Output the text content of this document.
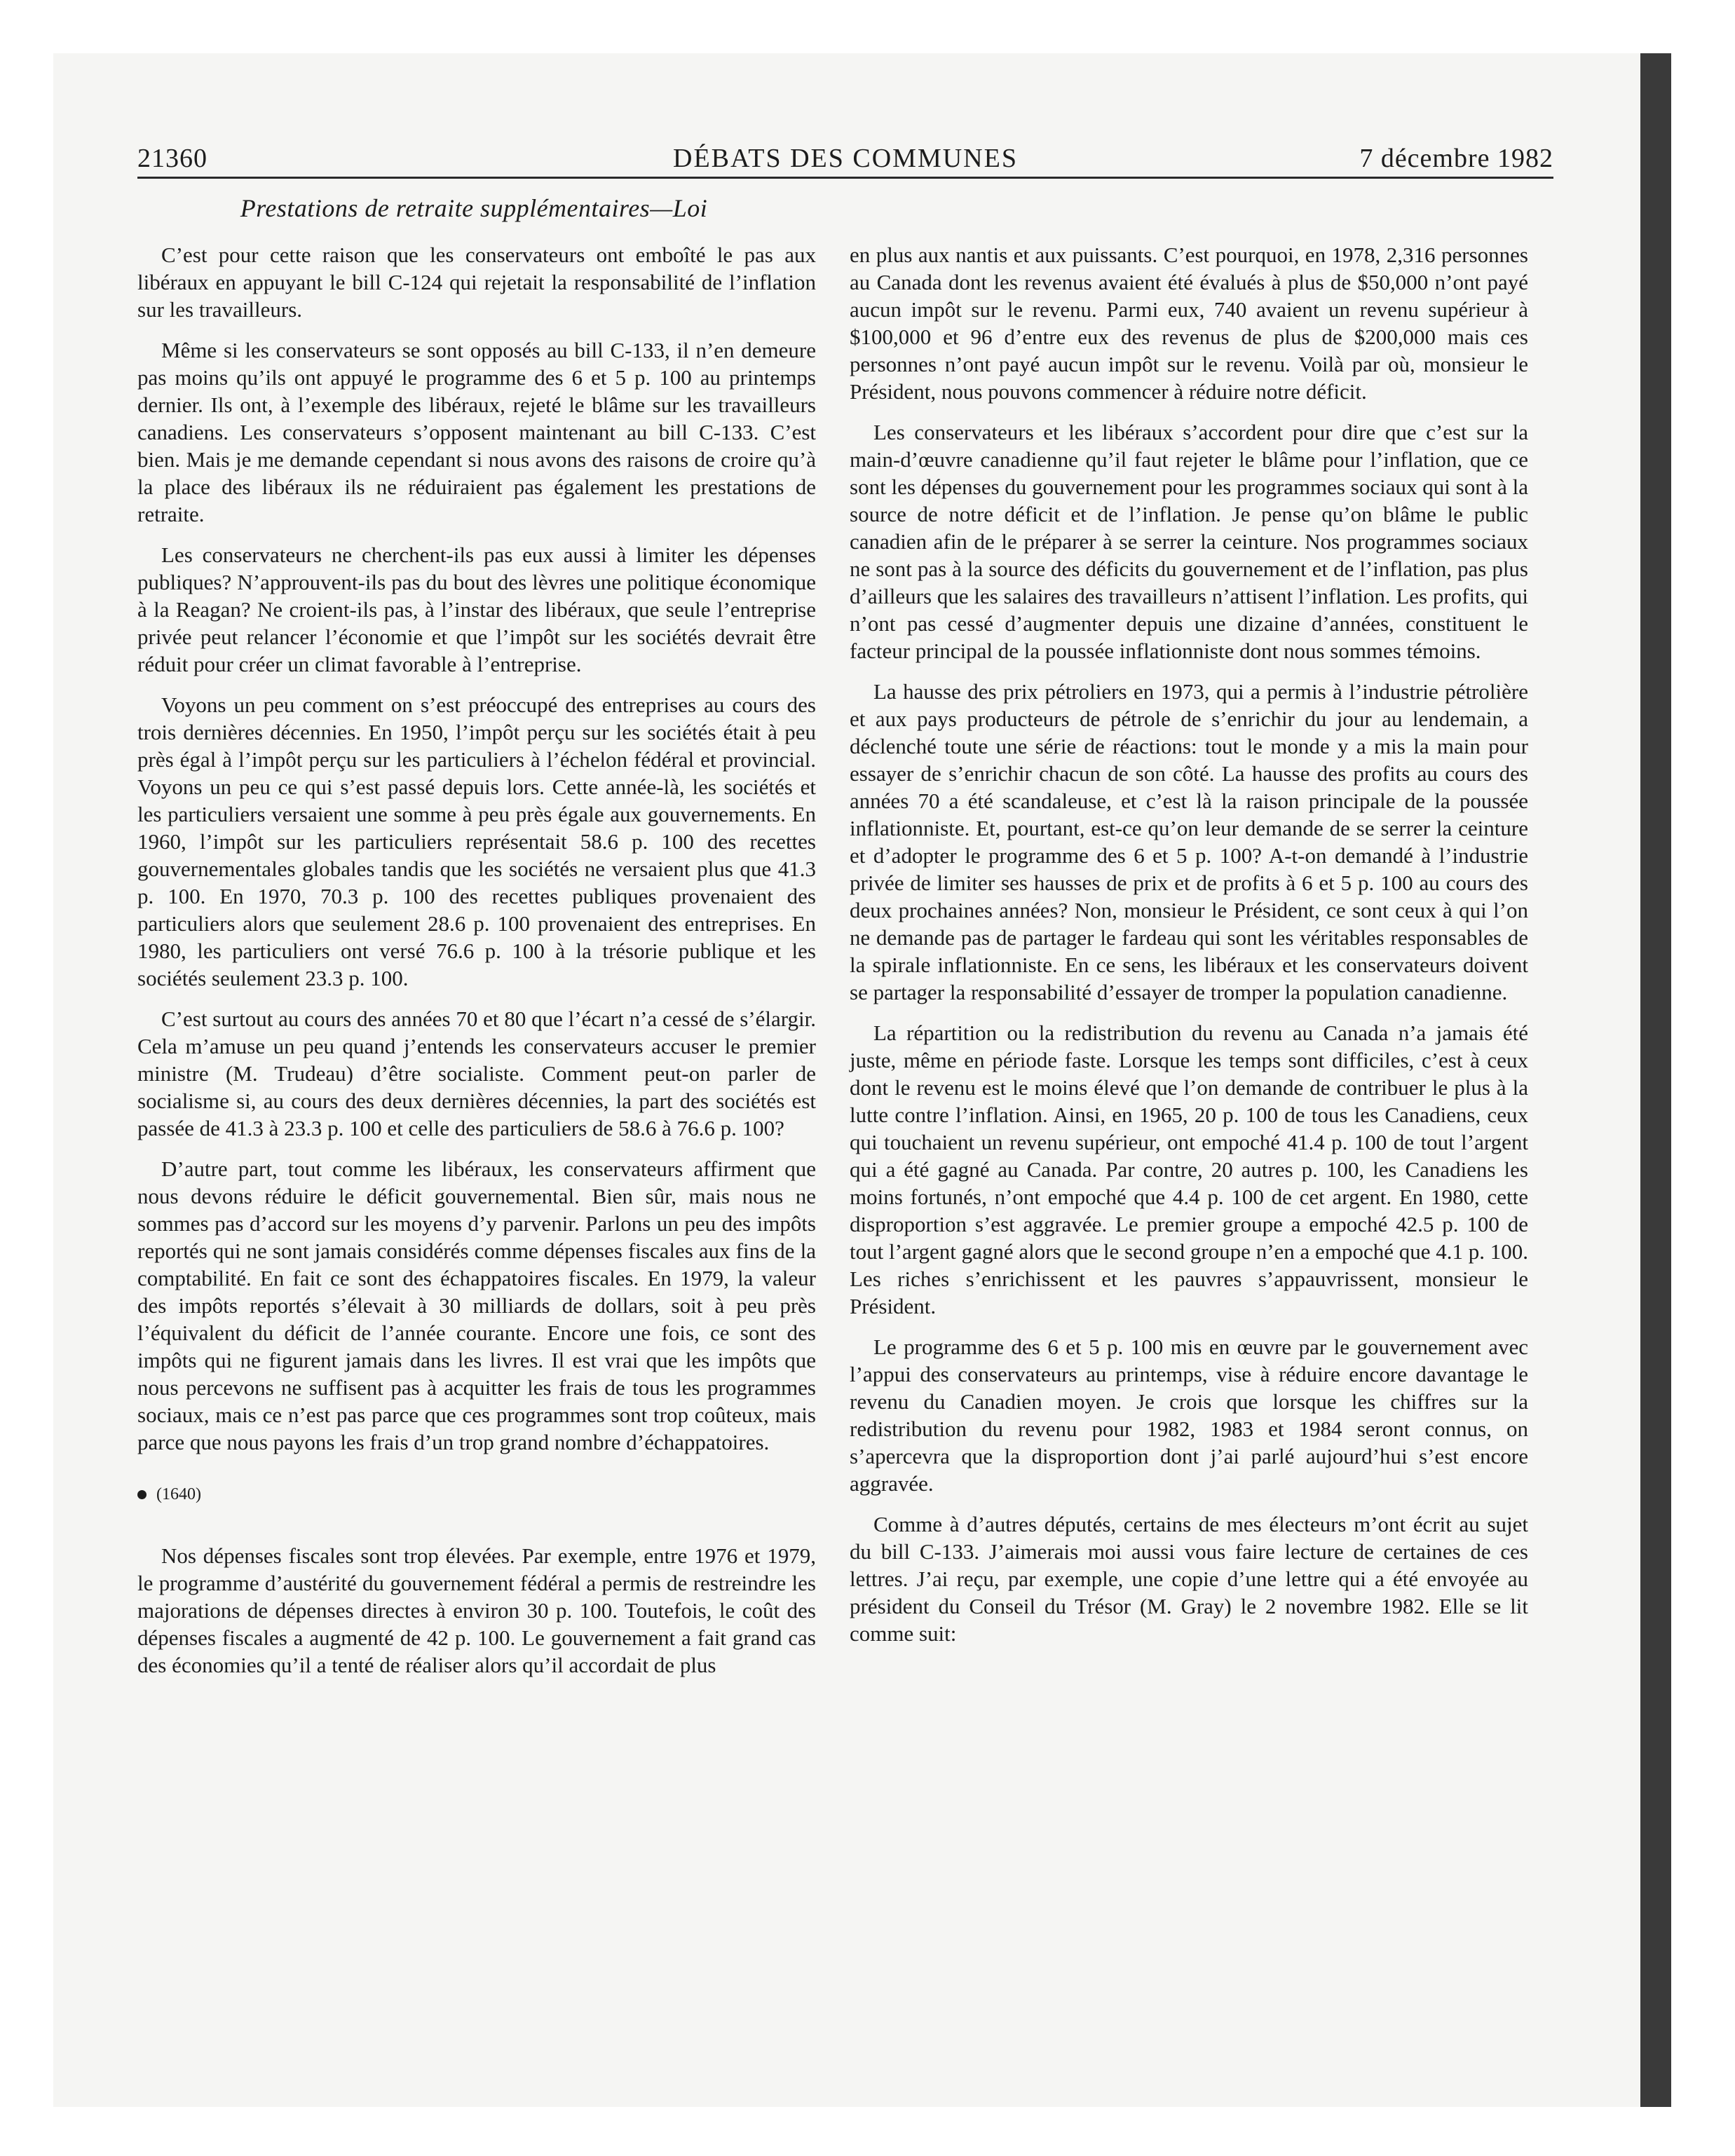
21360	DÉBATS DES COMMUNES	7 décembre 1982
Prestations de retraite supplémentaires—Loi

C’est pour cette raison que les conservateurs ont emboîté le pas aux libéraux en appuyant le bill C-124 qui rejetait la responsabilité de l’inflation sur les travailleurs.

Même si les conservateurs se sont opposés au bill C-133, il n’en demeure pas moins qu’ils ont appuyé le programme des 6 et 5 p. 100 au printemps dernier. Ils ont, à l’exemple des libéraux, rejeté le blâme sur les travailleurs canadiens. Les conservateurs s’opposent maintenant au bill C-133. C’est bien. Mais je me demande cependant si nous avons des raisons de croire qu’à la place des libéraux ils ne réduiraient pas également les prestations de retraite.

Les conservateurs ne cherchent-ils pas eux aussi à limiter les dépenses publiques? N’approuvent-ils pas du bout des lèvres une politique économique à la Reagan? Ne croient-ils pas, à l’instar des libéraux, que seule l’entreprise privée peut relancer l’économie et que l’impôt sur les sociétés devrait être réduit pour créer un climat favorable à l’entreprise.

Voyons un peu comment on s’est préoccupé des entreprises au cours des trois dernières décennies. En 1950, l’impôt perçu sur les sociétés était à peu près égal à l’impôt perçu sur les particuliers à l’échelon fédéral et provincial. Voyons un peu ce qui s’est passé depuis lors. Cette année-là, les sociétés et les particuliers versaient une somme à peu près égale aux gouvernements. En 1960, l’impôt sur les particuliers représentait 58.6 p. 100 des recettes gouvernementales globales tandis que les sociétés ne versaient plus que 41.3 p. 100. En 1970, 70.3 p. 100 des recettes publiques provenaient des particuliers alors que seulement 28.6 p. 100 provenaient des entreprises. En 1980, les particuliers ont versé 76.6 p. 100 à la trésorie publique et les sociétés seulement 23.3 p. 100.

C’est surtout au cours des années 70 et 80 que l’écart n’a cessé de s’élargir. Cela m’amuse un peu quand j’entends les conservateurs accuser le premier ministre (M. Trudeau) d’être socialiste. Comment peut-on parler de socialisme si, au cours des deux dernières décennies, la part des sociétés est passée de 41.3 à 23.3 p. 100 et celle des particuliers de 58.6 à 76.6 p. 100?

D’autre part, tout comme les libéraux, les conservateurs affirment que nous devons réduire le déficit gouvernemental. Bien sûr, mais nous ne sommes pas d’accord sur les moyens d’y parvenir. Parlons un peu des impôts reportés qui ne sont jamais considérés comme dépenses fiscales aux fins de la comptabilité. En fait ce sont des échappatoires fiscales. En 1979, la valeur des impôts reportés s’élevait à 30 milliards de dollars, soit à peu près l’équivalent du déficit de l’année courante. Encore une fois, ce sont des impôts qui ne figurent jamais dans les livres. Il est vrai que les impôts que nous percevons ne suffisent pas à acquitter les frais de tous les programmes sociaux, mais ce n’est pas parce que ces programmes sont trop coûteux, mais parce que nous payons les frais d’un trop grand nombre d’échappatoires.

(1640)

Nos dépenses fiscales sont trop élevées. Par exemple, entre 1976 et 1979, le programme d’austérité du gouvernement fédéral a permis de restreindre les majorations de dépenses directes à environ 30 p. 100. Toutefois, le coût des dépenses fiscales a augmenté de 42 p. 100. Le gouvernement a fait grand cas des économies qu’il a tenté de réaliser alors qu’il accordait de plus

en plus aux nantis et aux puissants. C’est pourquoi, en 1978, 2,316 personnes au Canada dont les revenus avaient été évalués à plus de $50,000 n’ont payé aucun impôt sur le revenu. Parmi eux, 740 avaient un revenu supérieur à $100,000 et 96 d’entre eux des revenus de plus de $200,000 mais ces personnes n’ont payé aucun impôt sur le revenu. Voilà par où, monsieur le Président, nous pouvons commencer à réduire notre déficit.

Les conservateurs et les libéraux s’accordent pour dire que c’est sur la main-d’œuvre canadienne qu’il faut rejeter le blâme pour l’inflation, que ce sont les dépenses du gouvernement pour les programmes sociaux qui sont à la source de notre déficit et de l’inflation. Je pense qu’on blâme le public canadien afin de le préparer à se serrer la ceinture. Nos programmes sociaux ne sont pas à la source des déficits du gouvernement et de l’inflation, pas plus d’ailleurs que les salaires des travailleurs n’attisent l’inflation. Les profits, qui n’ont pas cessé d’augmenter depuis une dizaine d’années, constituent le facteur principal de la poussée inflationniste dont nous sommes témoins.

La hausse des prix pétroliers en 1973, qui a permis à l’industrie pétrolière et aux pays producteurs de pétrole de s’enrichir du jour au lendemain, a déclenché toute une série de réactions: tout le monde y a mis la main pour essayer de s’enrichir chacun de son côté. La hausse des profits au cours des années 70 a été scandaleuse, et c’est là la raison principale de la poussée inflationniste. Et, pourtant, est-ce qu’on leur demande de se serrer la ceinture et d’adopter le programme des 6 et 5 p. 100? A-t-on demandé à l’industrie privée de limiter ses hausses de prix et de profits à 6 et 5 p. 100 au cours des deux prochaines années? Non, monsieur le Président, ce sont ceux à qui l’on ne demande pas de partager le fardeau qui sont les véritables responsables de la spirale inflationniste. En ce sens, les libéraux et les conservateurs doivent se partager la responsabilité d’essayer de tromper la population canadienne.

La répartition ou la redistribution du revenu au Canada n’a jamais été juste, même en période faste. Lorsque les temps sont difficiles, c’est à ceux dont le revenu est le moins élevé que l’on demande de contribuer le plus à la lutte contre l’inflation. Ainsi, en 1965, 20 p. 100 de tous les Canadiens, ceux qui touchaient un revenu supérieur, ont empoché 41.4 p. 100 de tout l’argent qui a été gagné au Canada. Par contre, 20 autres p. 100, les Canadiens les moins fortunés, n’ont empoché que 4.4 p. 100 de cet argent. En 1980, cette disproportion s’est aggravée. Le premier groupe a empoché 42.5 p. 100 de tout l’argent gagné alors que le second groupe n’en a empoché que 4.1 p. 100. Les riches s’enrichissent et les pauvres s’appauvrissent, monsieur le Président.

Le programme des 6 et 5 p. 100 mis en œuvre par le gouvernement avec l’appui des conservateurs au printemps, vise à réduire encore davantage le revenu du Canadien moyen. Je crois que lorsque les chiffres sur la redistribution du revenu pour 1982, 1983 et 1984 seront connus, on s’apercevra que la disproportion dont j’ai parlé aujourd’hui s’est encore aggravée.

Comme à d’autres députés, certains de mes électeurs m’ont écrit au sujet du bill C-133. J’aimerais moi aussi vous faire lecture de certaines de ces lettres. J’ai reçu, par exemple, une copie d’une lettre qui a été envoyée au président du Conseil du Trésor (M. Gray) le 2 novembre 1982. Elle se lit comme suit:
